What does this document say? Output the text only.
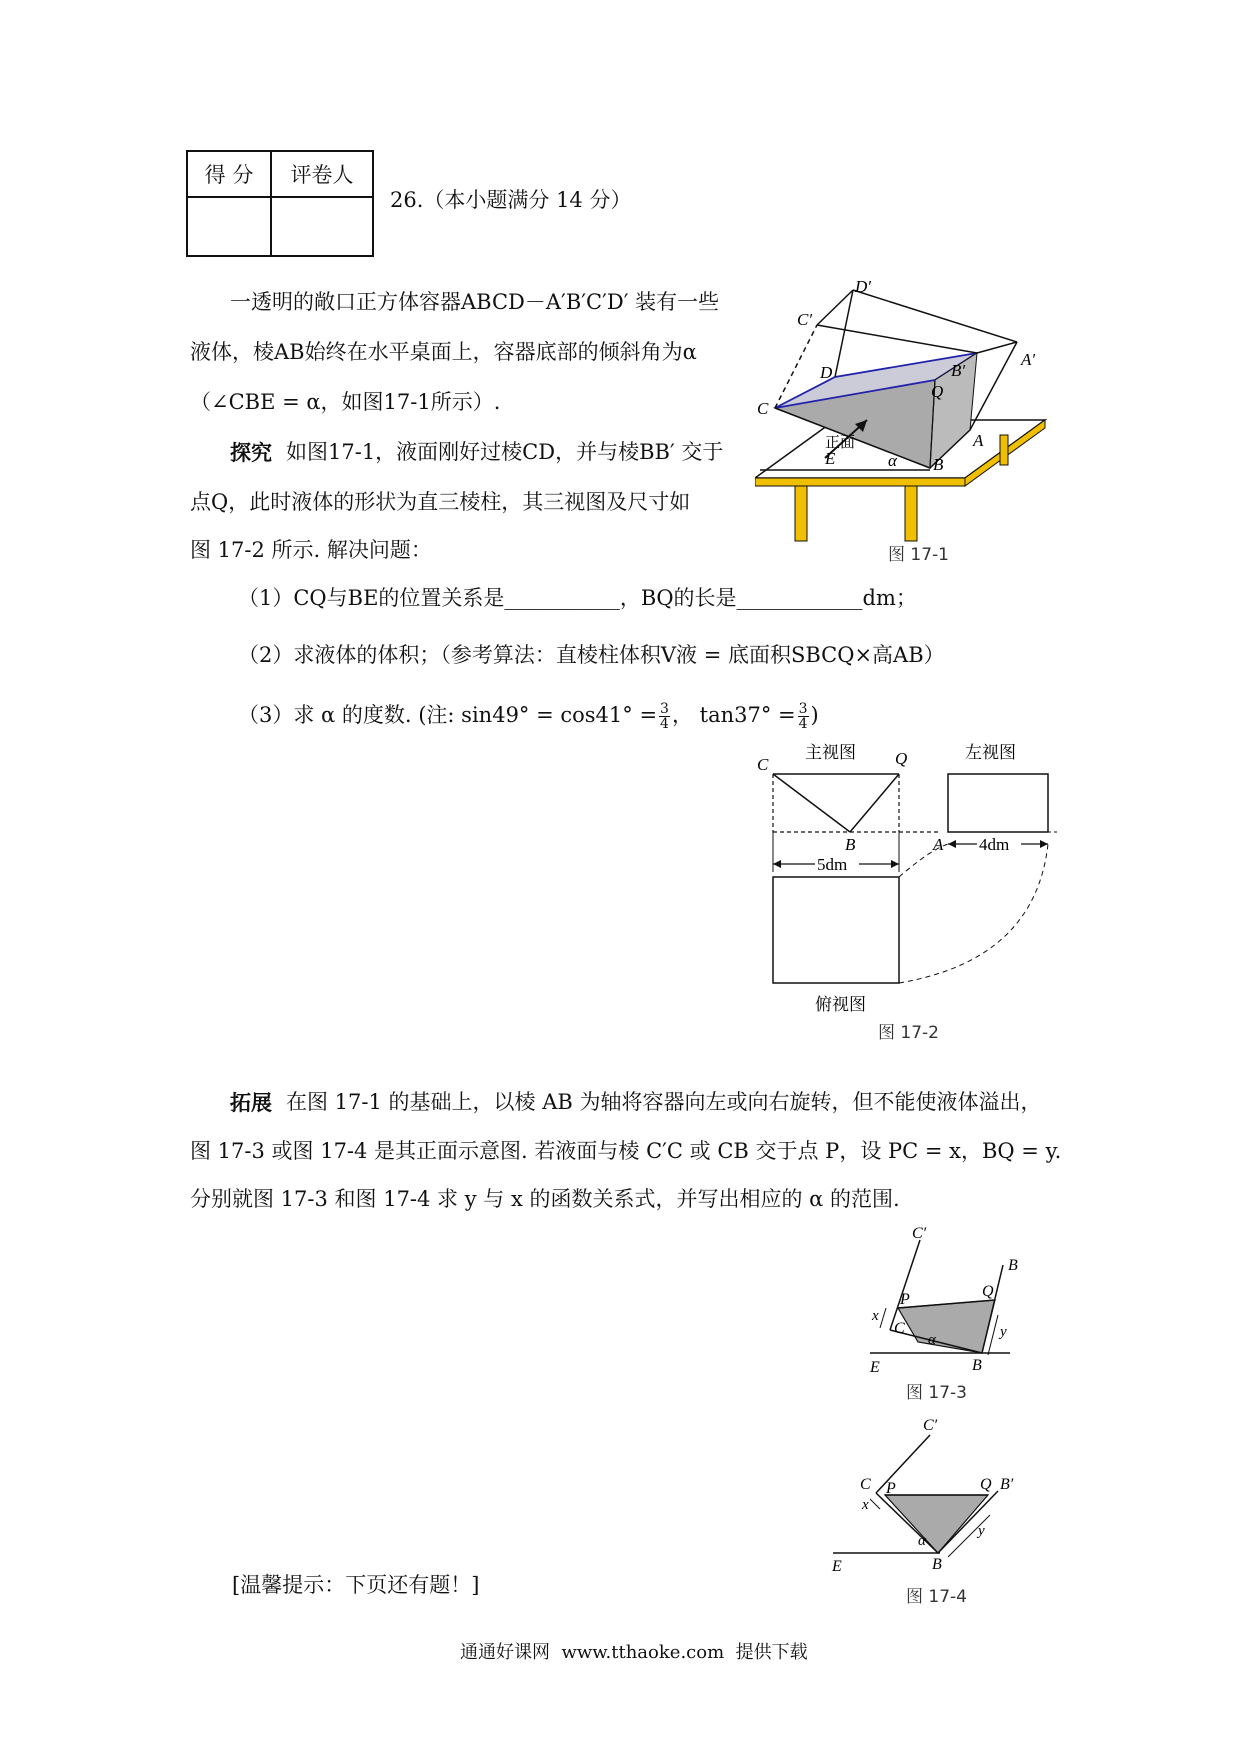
得 分	评卷人

26.（本小题满分 14 分）
一透明的敞口正方体容器ABCD－A′B′C′D′ 装有一些
液体，棱AB始终在水平桌面上，容器底部的倾斜角为α
（∠CBE = α，如图17-1所示）.
探究 如图17-1，液面刚好过棱CD，并与棱BB′ 交于
点Q，此时液体的形状为直三棱柱，其三视图及尺寸如
图 17-2 所示. 解决问题：
（1）CQ与BE的位置关系是___________，BQ的长是____________dm；
（2）求液体的体积；（参考算法：直棱柱体积V液 = 底面积SBCQ×高AB）
（3）求 α 的度数. (注: $\sin 49^\circ = \cos 41^\circ = \frac{3}{4}$ ， $\tan 37^\circ = \frac{3}{4}$ )
正面
D′
C′
D	B′
A′
Q
C
A
E	α B
图 17-1
主视图	左视图
4dm
5dm
俯视图
C	Q
B	A
图 17-2
拓展 在图 17-1 的基础上，以棱 AB 为轴将容器向左或向右旋转，但不能使液体溢出，
图 17-3 或图 17-4 是其正面示意图. 若液面与棱 C′C 或 CB 交于点 P，设 PC = x，BQ = y.
分别就图 17-3 和图 17-4 求 y 与 x 的函数关系式，并写出相应的 α 的范围.
C′
B
P	Q
x
C	y
α
E	B
图 17-3
C′
C P	Q B′
x
y
α
E	B
图 17-4
[温馨提示：下页还有题！]
通通好课网  www.tthaoke.com  提供下载
